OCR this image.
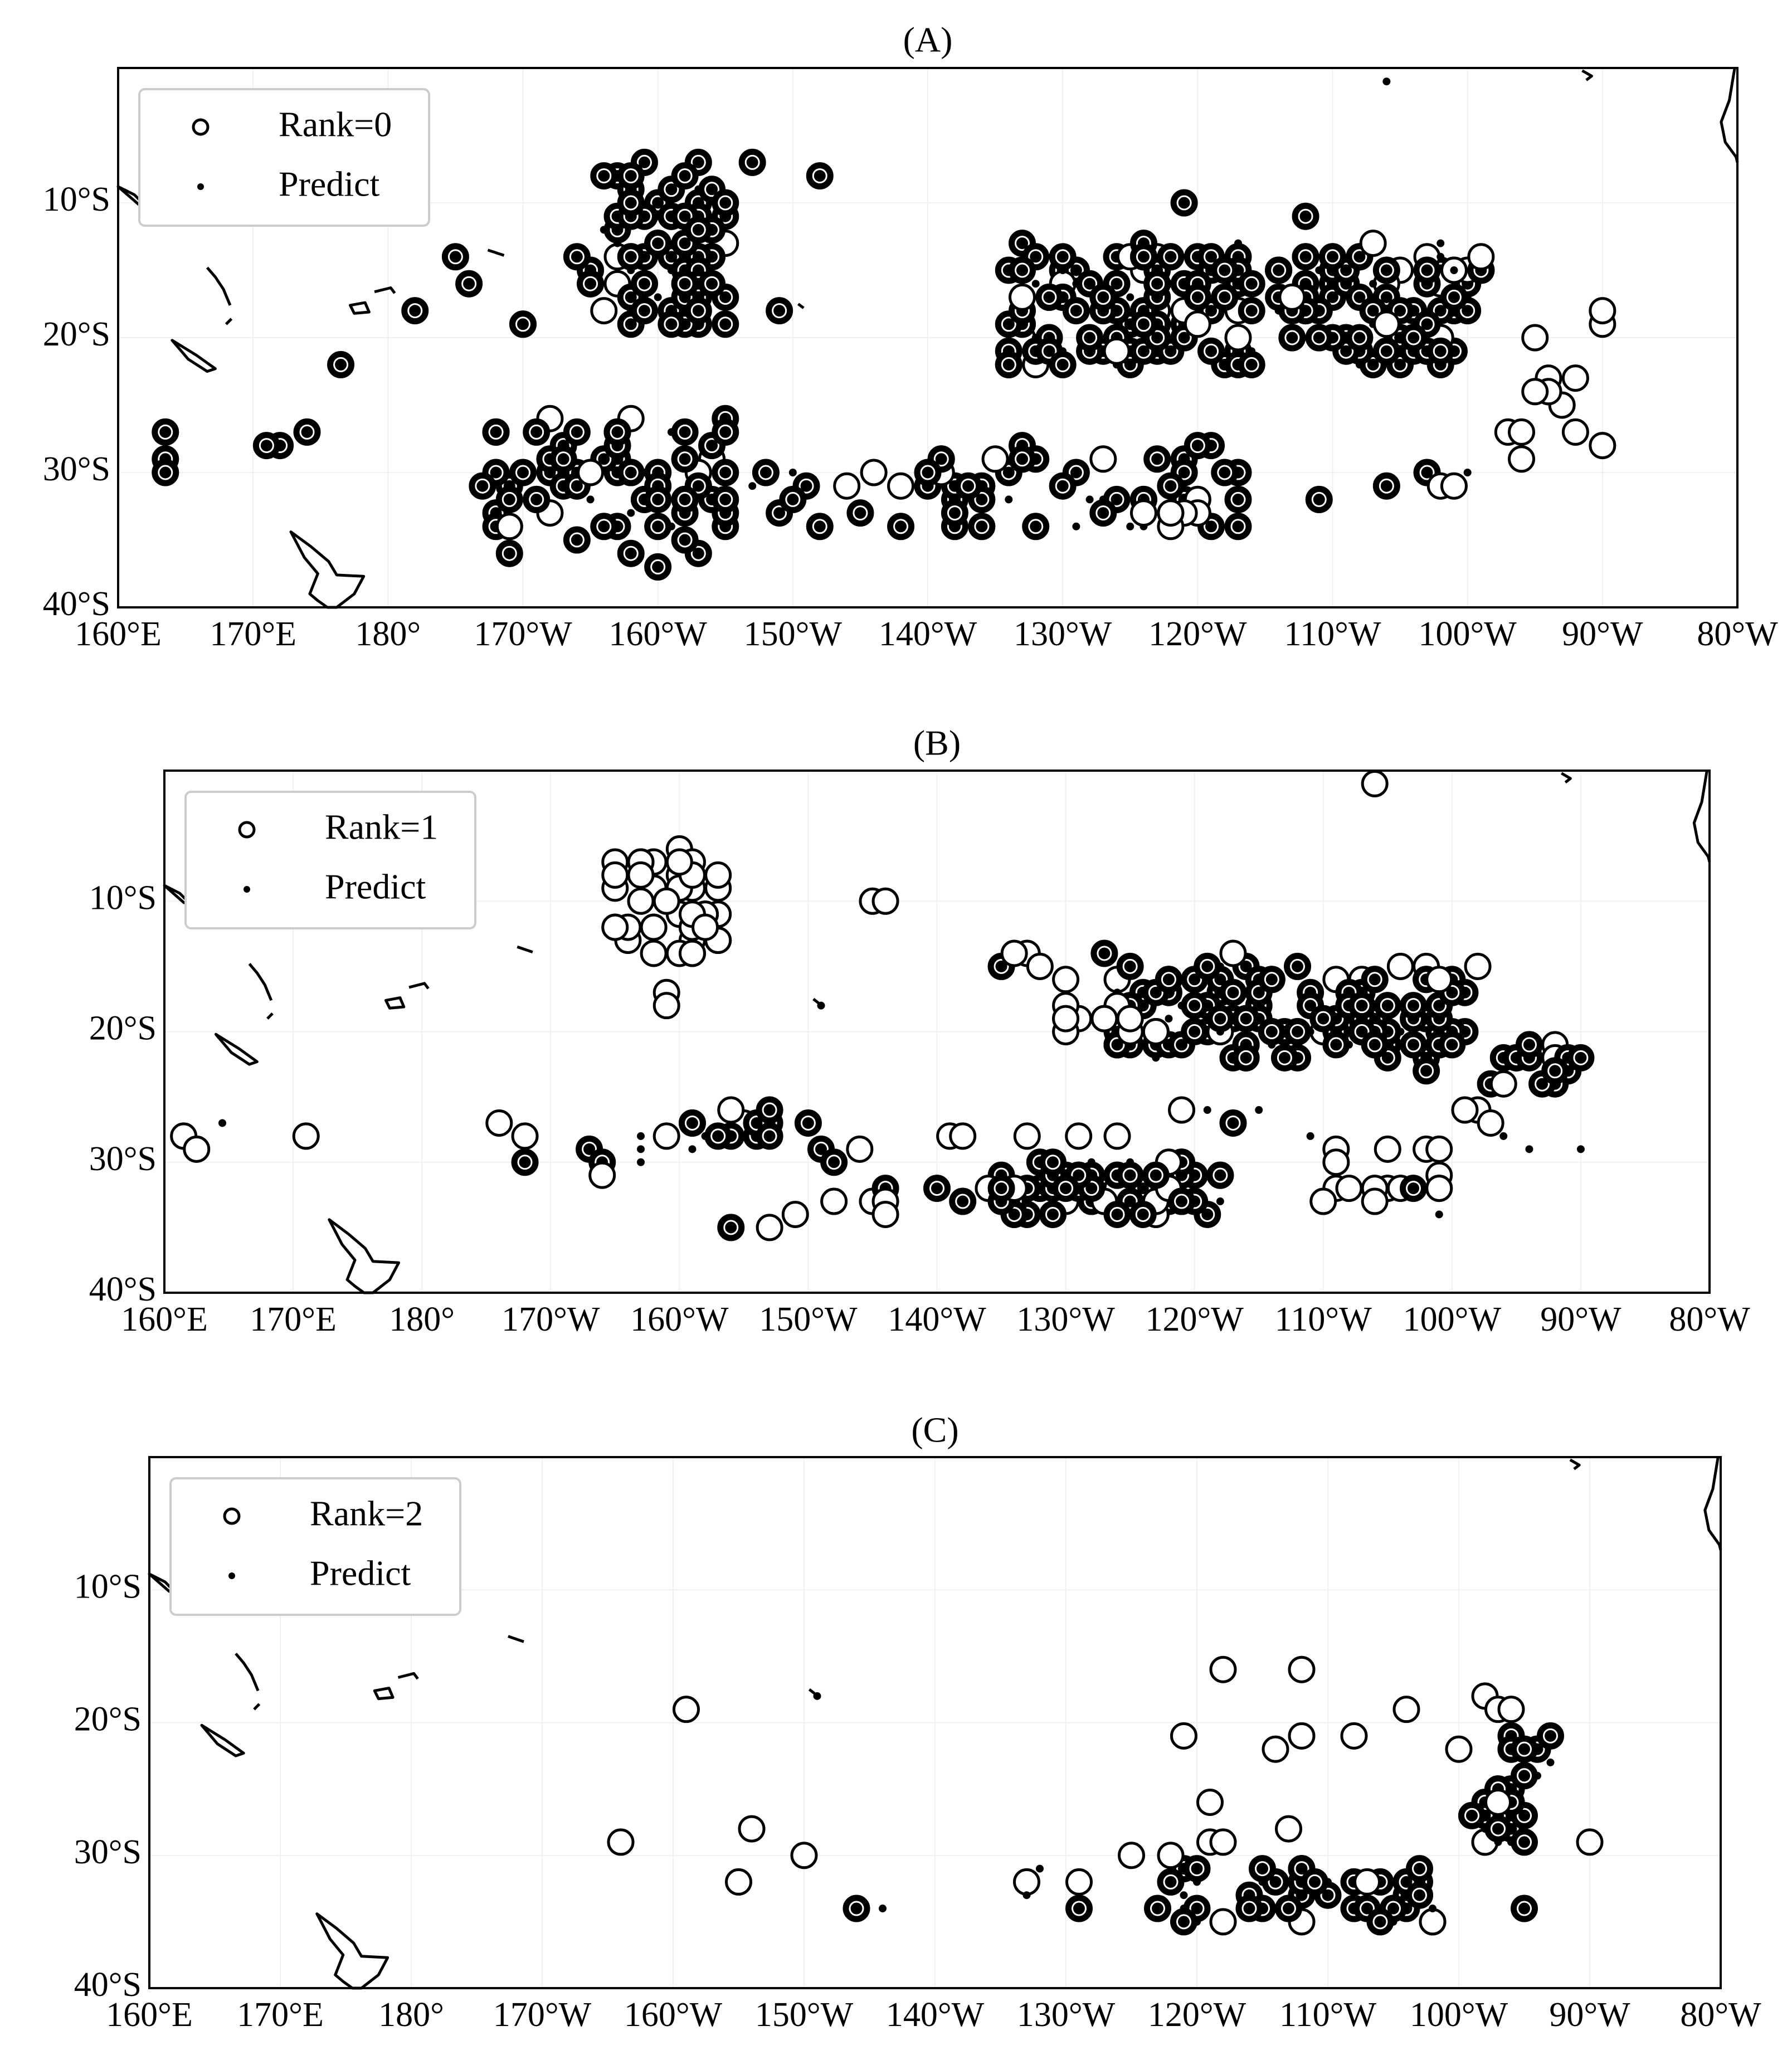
(A)
160°E 170°E 180° 170°W 160°W 150°W 140°W 130°W 120°W 110°W 100°W 90°W 80°W
10°S
20°S
30°S
40°S
Rank=0
Predict
(B)
160°E 170°E 180° 170°W 160°W 150°W 140°W 130°W 120°W 110°W 100°W 90°W 80°W
10°S
20°S
30°S
40°S
Rank=1
Predict
(C)
160°E 170°E 180° 170°W 160°W 150°W 140°W 130°W 120°W 110°W 100°W 90°W 80°W
10°S
20°S
30°S
40°S
Rank=2
Predict
